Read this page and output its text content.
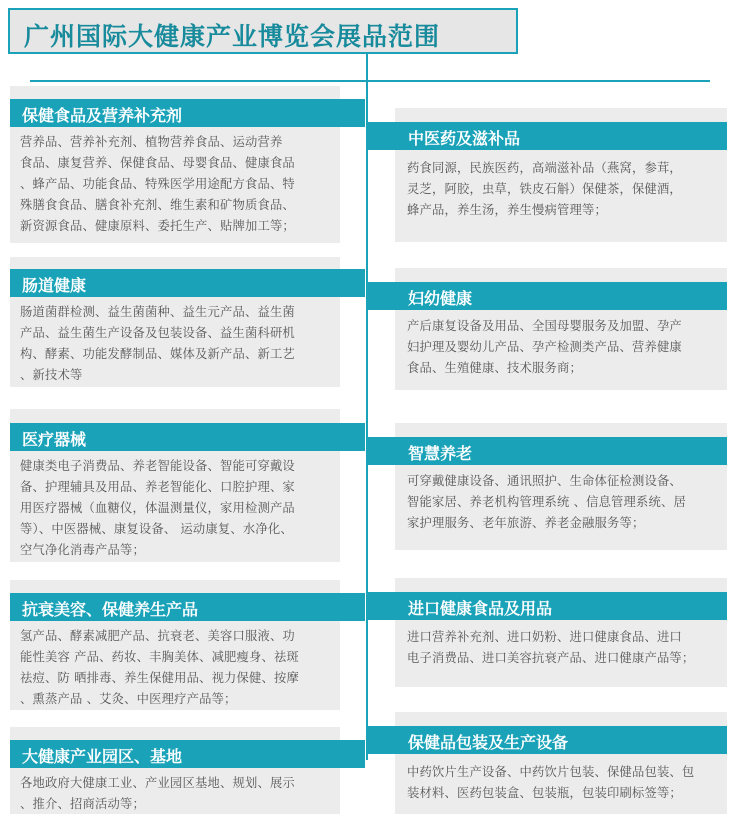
广州国际大健康产业博览会展品范围
保健食品及营养补充剂
营养品、营养补充剂、植物营养食品、运动营养
食品、康复营养、保健食品、母婴食品、健康食品
、蜂产品、功能食品、特殊医学用途配方食品、特
殊膳食食品、膳食补充剂、维生素和矿物质食品、
新资源食品、健康原料、委托生产、贴牌加工等；
肠道健康
肠道菌群检测、益生菌菌种、益生元产品、益生菌
产品、益生菌生产设备及包装设备、益生菌科研机
构、酵素、功能发酵制品、媒体及新产品、新工艺
、新技术等
医疗器械
健康类电子消费品、养老智能设备、智能可穿戴设
备、护理辅具及用品、养老智能化、口腔护理、家
用医疗器械（血糖仪，体温测量仪，家用检测产品
等）、中医器械、康复设备、 运动康复、水净化、
空气净化消毒产品等；
抗衰美容、保健养生产品
氢产品、酵素减肥产品、抗衰老、美容口服液、功
能性美容 产品、药妆、丰胸美体、减肥瘦身、祛斑
祛痘、防 晒排毒、养生保健用品、视力保健、按摩
、熏蒸产品 、艾灸、中医理疗产品等；
大健康产业园区、基地
各地政府大健康工业、产业园区基地、规划、展示
、推介、招商活动等；
中医药及滋补品
药食同源，民族医药，高端滋补品（燕窝，参茸，
灵芝，阿胶，虫草，铁皮石斛）保健茶，保健酒，
蜂产品，养生汤，养生慢病管理等；
妇幼健康
产后康复设备及用品、全国母婴服务及加盟、孕产
妇护理及婴幼儿产品、孕产检测类产品、营养健康
食品、生殖健康、技术服务商；
智慧养老
可穿戴健康设备、通讯照护、生命体征检测设备、
智能家居、养老机构管理系统 、信息管理系统、居
家护理服务、老年旅游、养老金融服务等；
进口健康食品及用品
进口营养补充剂、进口奶粉、进口健康食品、进口
电子消费品、进口美容抗衰产品、进口健康产品等；
保健品包装及生产设备
中药饮片生产设备、中药饮片包装、保健品包装、包
装材料、医药包装盒、包装瓶，包装印刷标签等；
